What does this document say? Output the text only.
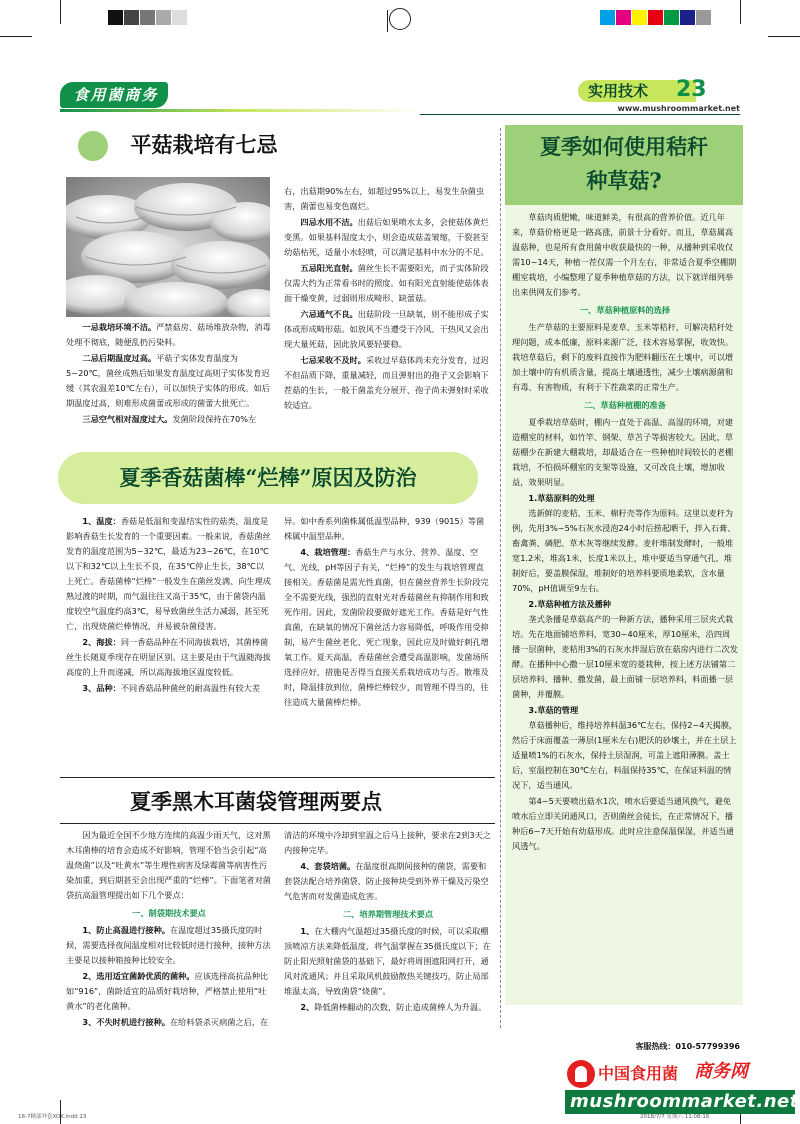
食用菌商务	实用技术 23
www.mushroommarket.net
平菇栽培有七忌

一忌栽培环境不洁。严禁菇房、菇场堆放杂物，消毒处理不彻底，随便乱扔污染料。

二忌后期温度过高。平菇子实体发育温度为5~20℃，菌丝成熟后如果发育温度过高则子实体发育迟缓（其农温差10℃左右），可以加快子实体的形成。如后期温度过高，则难形成菌蕾或形成的菌蕾大批死亡。

三忌空气相对湿度过大。发菌阶段保持在70%左

右，出菇期90%左右，如超过95%以上，易发生杂菌虫害，菌蕾也易变色腐烂。

四忌水用不洁。出菇后如果喷水太多，会使菇体黄烂变黑。如果基料湿度太小，则会造成菇盖皱缩，干裂甚至幼菇枯死，适量小水轻喷，可以满足基料中水分的不足。

五忌阳光直射。菌丝生长不需要阳光，而子实体阶段仅需大约为正常看书时的照度。如有阳光直射能使菇体表面干燥变黄，过弱则形成畸形、缺蕾菇。

六忌通气不良。出菇阶段一旦缺氧，则不能形成子实体或形成畸形菇。如放风不当遭受干冷风、干热风又会出现大量死菇，因此放风要轻要稳。

七忌采收不及时。采收过早菇体尚未充分发育，过迟不但品质下降，重量减轻，而且弹射出的孢子又会影响下茬菇的生长，一般于菌盖充分展开、孢子尚未弹射时采收较适宜。

夏季香菇菌棒“烂棒”原因及防治

1、温度：香菇是低温和变温结实性的菇类，温度是影响香菇生长发育的一个重要因素。一般来说，香菇菌丝发育的温度范围为5~32℃，最适为23~26℃，在10℃以下和32℃以上生长不良，在35℃停止生长，38℃以上死亡。香菇菌棒“烂棒”一般发生在菌丝发满、向生理成熟过渡的时期，而气温往往又高于35℃，由于菌袋内温度较空气温度约高3℃，易导致菌丝生活力减弱，甚至死亡，出现烧菌烂棒情况，并易被杂菌侵害。

2、海拔：同一香菇品种在不同海拔栽培，其菌棒菌丝生长随夏季现存在明显区别。这主要是由于气温随海拔高度的上升而递减，所以高海拔地区温度较低。

3、品种：不同香菇品种菌丝的耐高温性有较大差

异。如中香系列菌株属低温型品种，939（9015）等菌株属中温型品种。

4、栽培管理：香菇生产与水分、营养、温度、空气、光线、pH等因子有关，“烂棒”的发生与栽培管理直接相关。香菇菌是需光性真菌，但在菌丝营养生长阶段完全不需要光线，强烈的直射光对香菇菌丝有抑制作用和致死作用。因此，发菌阶段要做好遮光工作。香菇是好气性真菌，在缺氧的情况下菌丝活力容易降低，呼吸作用受抑制，易产生菌丝老化、死亡现象，因此应及时做好刺孔增氧工作。夏天高温，香菇菌丝会遭受高温影响，发菌场所选择应好，措施是否得当直接关系栽培成功与否。散堆及时，降温排放到位，菌棒烂棒较少，而管理不得当的，往往造成大量菌棒烂棒。

夏季黑木耳菌袋管理两要点

因为最近全国不少地方连续的高温少雨天气，这对黑木耳菌棒的培育会造成不好影响，管理不恰当会引起“高温烧菌”以及“吐黄水”等生理性病害及绿霉菌等病害性污染加重，到后期甚至会出现严重的“烂棒”。下面笔者对菌袋抗高温管理提出如下几个要点：

一、制袋期技术要点

1、防止高温进行接种。在温度超过35摄氏度的时候，需要选择夜间温度相对比较低时进行接种，接种方法主要是以接种箱接种比较安全。

2、选用适宜菌龄优质的菌种。应该选择高抗品种比如“916”，菌龄适宜的品质好栽培种，严格禁止使用“吐黄水”的老化菌种。

3、不失时机进行接种。在给料袋杀灭病菌之后，在

清洁的环境中冷却到室温之后马上接种，要求在2到3天之内接种完毕。

4、套袋培菌。在温度很高期间接种的菌袋，需要和套袋法配合培养菌袋，防止接种块受到外界干燥及污染空气危害而对发菌造成危害。

二、培养期管理技术要点

1、在大棚内气温超过35摄氏度的时候，可以采取棚顶喷凉方法来降低温度，将气温掌握在35摄氏度以下；在防止阳光照射菌袋的基础下，最好将周围遮阳网打开，通风对流通风；并且采取风机鼓励散热关键技巧，防止局部堆温太高，导致菌袋“烧菌”。

2、降低菌棒翻动的次数，防止造成菌棒人为升温。

夏季如何使用秸秆
种草菇?

草菇肉质肥嫩，味道鲜美，有很高的营养价值。近几年来，草菇价格更是一路高涨，前景十分看好。而且，草菇属高温菇种，也是所有食用菌中收获最快的一种，从播种到采收仅需10~14天，种植一茬仅需一个月左右，非常适合夏季空棚期棚室栽培，小编整理了夏季种植草菇的方法，以下就详细列举出来供网友们参考。

一、草菇种植原料的选择

生产草菇的主要原料是麦草、玉米等秸秆，可解决秸秆处理问题，成本低廉，原料来源广泛，技术容易掌握，收效快。栽培草菇后，剩下的废料直接作为肥料翻压在土壤中，可以增加土壤中的有机质含量，提高土壤通透性，减少土壤病源菌和有毒、有害物质，有利于下茬蔬菜的正常生产。

二、草菇种植棚的准备

夏季栽培草菇时，棚内一直处于高温、高湿的环境，对建造棚室的材料，如竹竿、钢架、草苫子等损害较大。因此，草菇棚少在新建大棚栽培，却最适合在一些种植时间较长的老棚栽培，不怕损坏棚室的支架等设施，又可改良土壤，增加收益，效果明显。

1.草菇原料的处理

选新鲜的麦秸、玉米、棉籽壳等作为原料。这里以麦秆为例，先用3%~5%石灰水浸泡24小时后捞起晒干，拌入石膏、畜禽粪、磷肥、草木灰等继续发酵。麦秆堆制发酵时，一般堆宽1.2米，堆高1米，长度1米以上，堆中要适当穿通气孔，堆制好后，要盖膜保湿，堆制好的培养料要质地柔软，含水量70%，pH值调至9左右。

2.草菇种植方法及播种

垄式条播是草菇高产的一种新方法，播种采用三层夹式栽培。先在地面铺培养料，宽30~40厘米，厚10厘米，沿四周播一层菌种，麦秸用3%的石灰水拌湿后放在菇房内进行二次发酵。在播种中心撒一层10厘米宽的菱栽种，按上述方法铺第二层培养料、播种、撒发菌，最上面铺一层培养料，料面播一层菌种，并覆膜。

3.草菇的管理

草菇播种后，维持培养料温36℃左右，保持2~4天揭膜，然后于床面覆盖一薄层(1厘米左右)肥沃的砂壤土，并在土层上适量喷1%的石灰水，保持土层湿润，可盖上遮阳薄膜。盖土后，室温控制在30℃左右，料温保持35℃，在保证料温的情况下，适当通风。

第4~5天要喷出菇水1次，喷水后要适当通风换气，避免喷水后立即关闭通风口，否则菌丝会徒长，在正常情况下，播种后6~7天开始有幼菇形成。此时应注意保温保湿，并适当通风透气。

客服热线：010-57799396
中国食用菌 商务网
mushroommarket.net
18-7精部外套XOK.indd 23	2018/7/7 星期六 11:08:16
